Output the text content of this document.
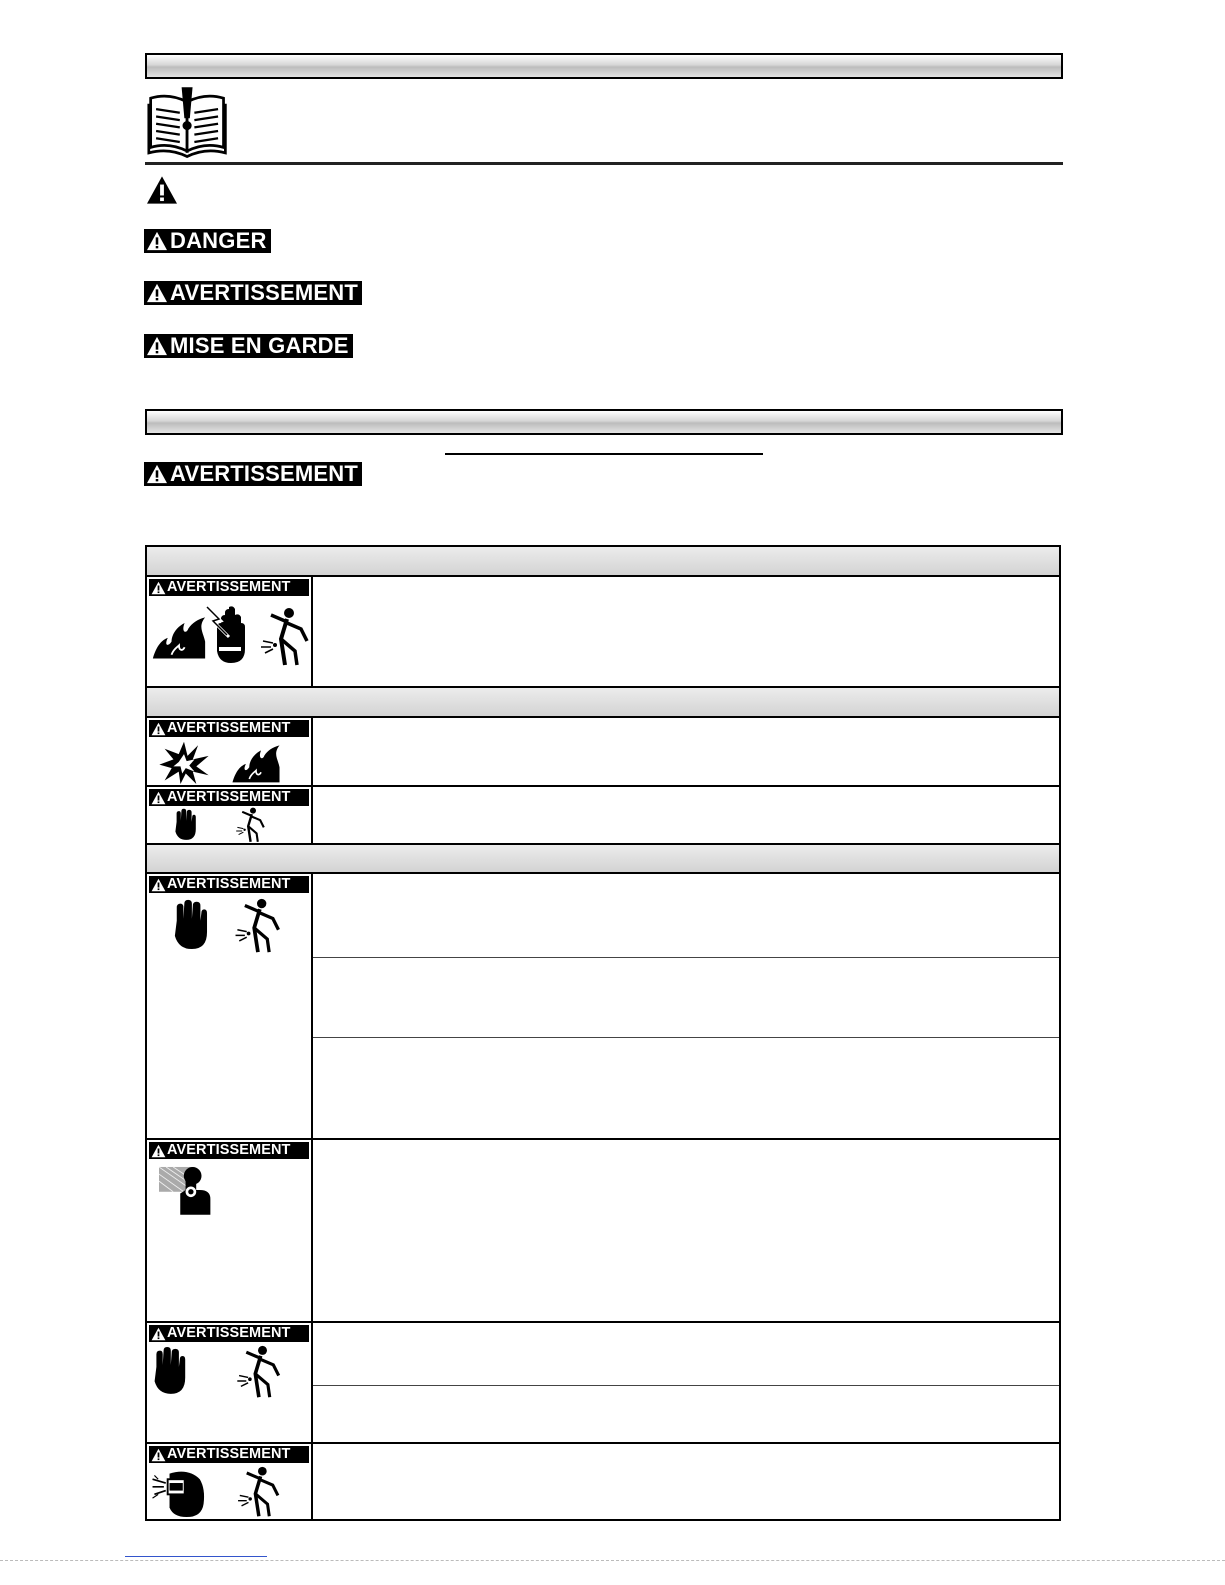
DANGER
AVERTISSEMENT
MISE EN GARDE
AVERTISSEMENT
AVERTISSEMENT
AVERTISSEMENT
AVERTISSEMENT
AVERTISSEMENT
AVERTISSEMENT
AVERTISSEMENT
AVERTISSEMENT
